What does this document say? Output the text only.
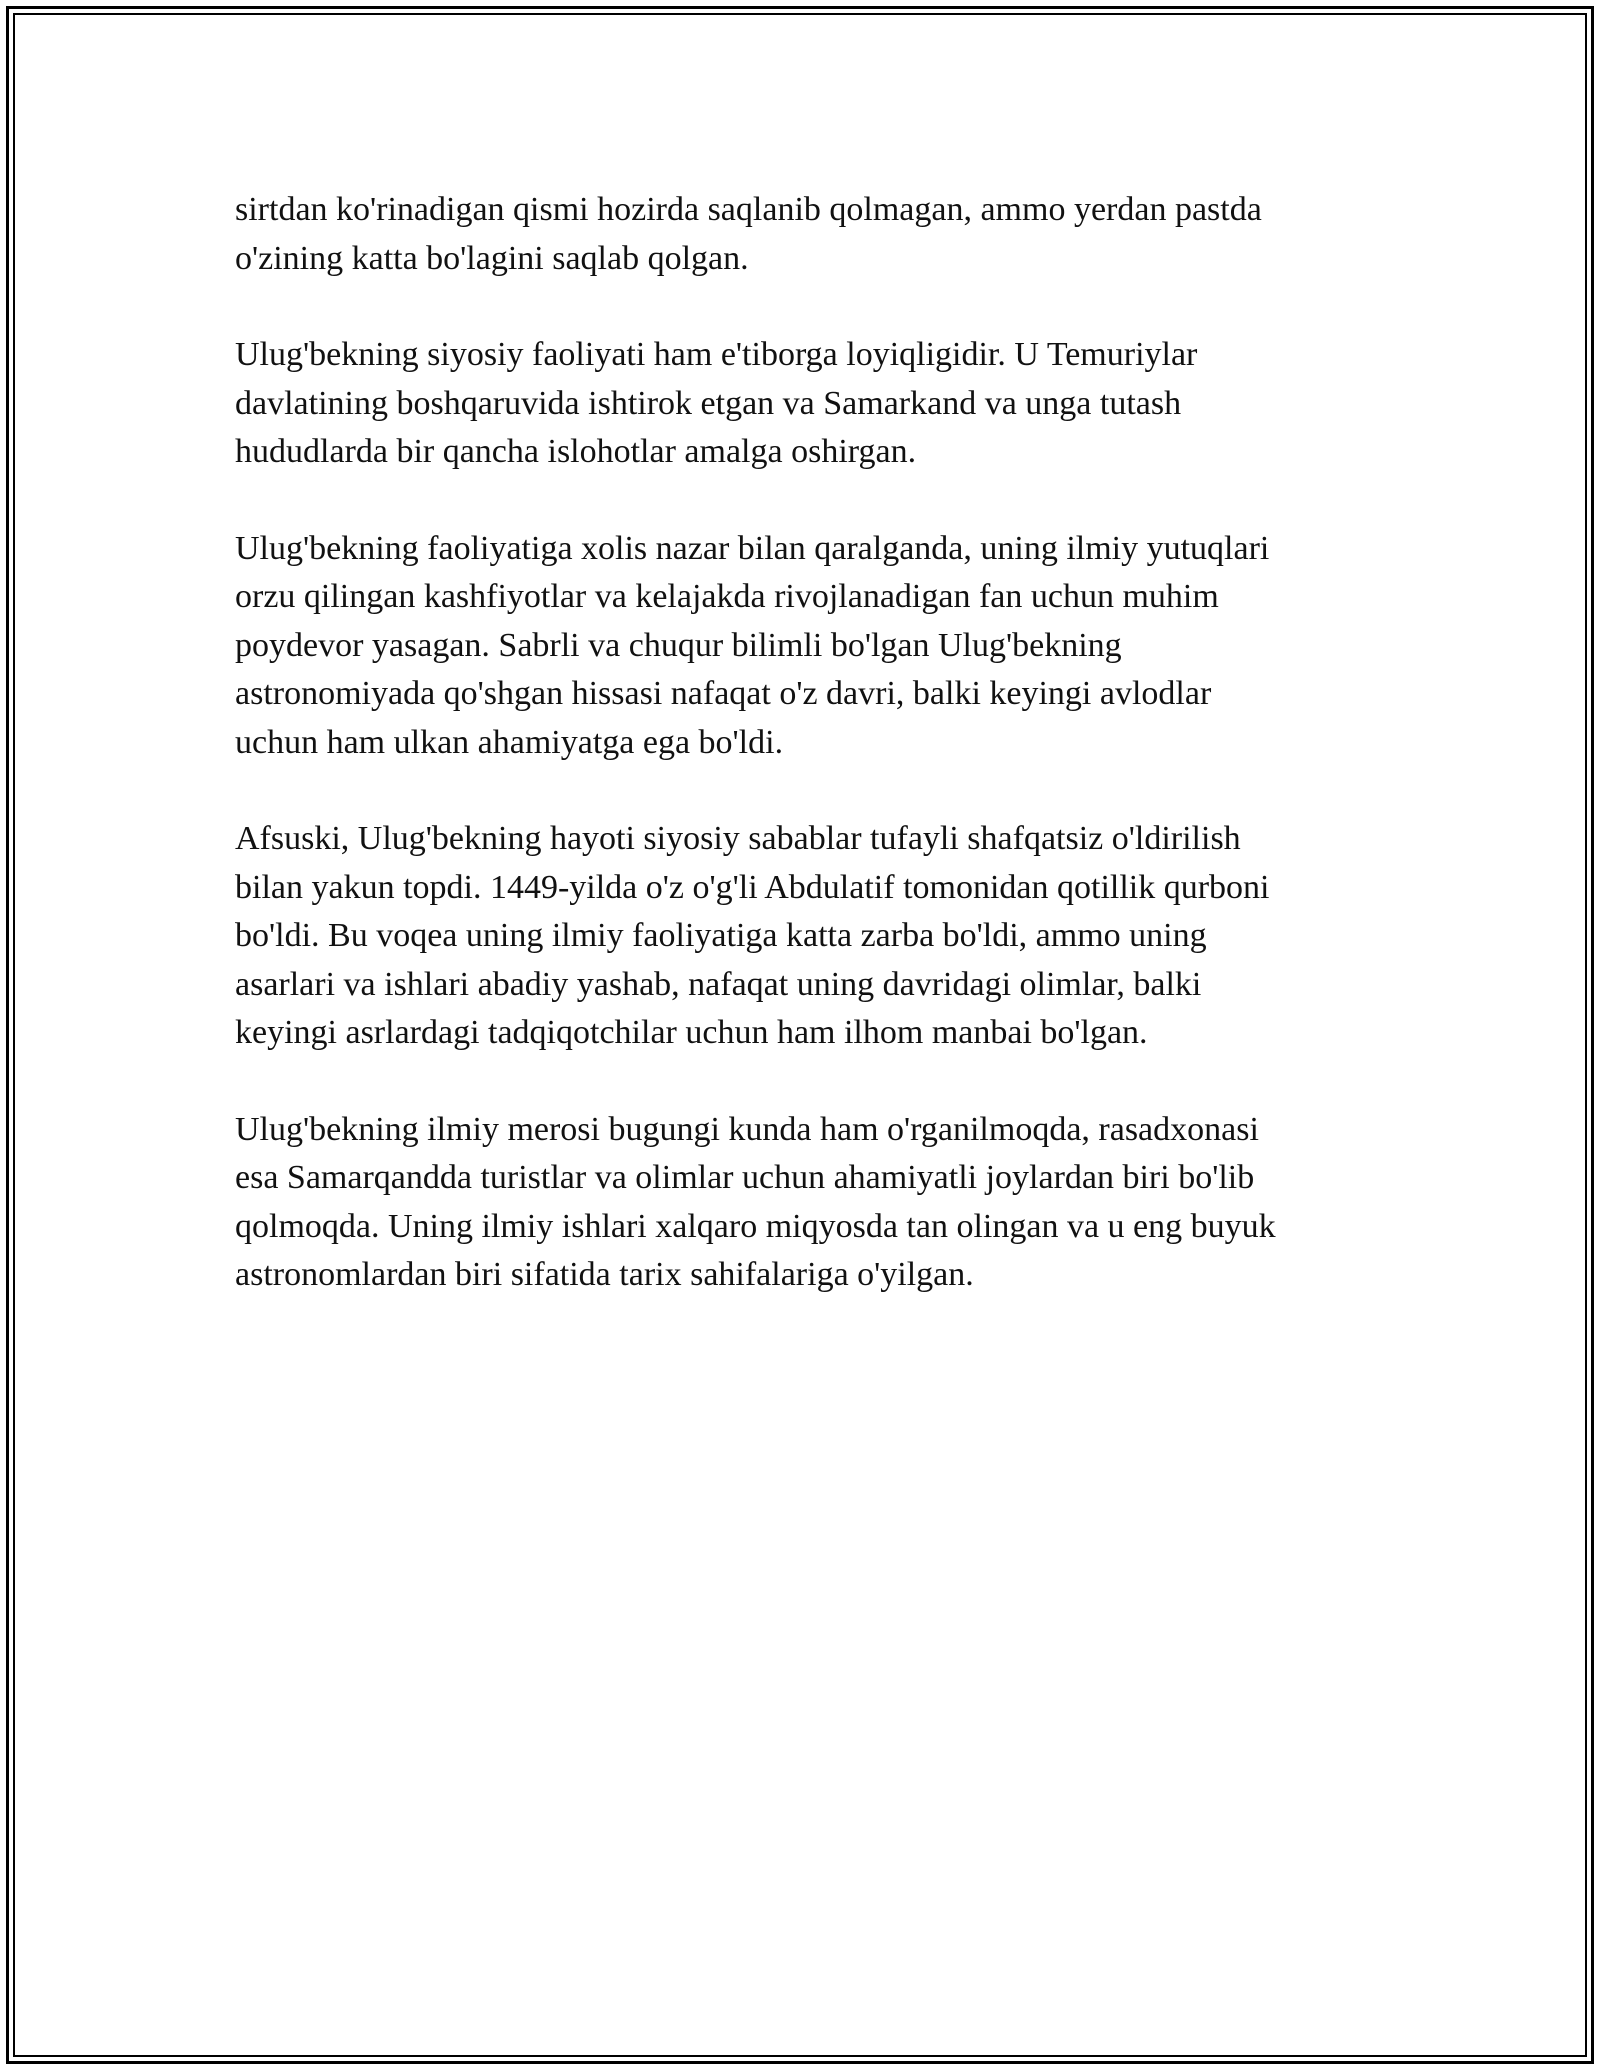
sirtdan ko'rinadigan qismi hozirda saqlanib qolmagan, ammo yerdan pastda
o'zining katta bo'lagini saqlab qolgan.

Ulug'bekning siyosiy faoliyati ham e'tiborga loyiqligidir. U Temuriylar
davlatining boshqaruvida ishtirok etgan va Samarkand va unga tutash
hududlarda bir qancha islohotlar amalga oshirgan.

Ulug'bekning faoliyatiga xolis nazar bilan qaralganda, uning ilmiy yutuqlari
orzu qilingan kashfiyotlar va kelajakda rivojlanadigan fan uchun muhim
poydevor yasagan. Sabrli va chuqur bilimli bo'lgan Ulug'bekning
astronomiyada qo'shgan hissasi nafaqat o'z davri, balki keyingi avlodlar
uchun ham ulkan ahamiyatga ega bo'ldi.

Afsuski, Ulug'bekning hayoti siyosiy sabablar tufayli shafqatsiz o'ldirilish
bilan yakun topdi. 1449-yilda o'z o'g'li Abdulatif tomonidan qotillik qurboni
bo'ldi. Bu voqea uning ilmiy faoliyatiga katta zarba bo'ldi, ammo uning
asarlari va ishlari abadiy yashab, nafaqat uning davridagi olimlar, balki
keyingi asrlardagi tadqiqotchilar uchun ham ilhom manbai bo'lgan.

Ulug'bekning ilmiy merosi bugungi kunda ham o'rganilmoqda, rasadxonasi
esa Samarqandda turistlar va olimlar uchun ahamiyatli joylardan biri bo'lib
qolmoqda. Uning ilmiy ishlari xalqaro miqyosda tan olingan va u eng buyuk
astronomlardan biri sifatida tarix sahifalariga o'yilgan.
